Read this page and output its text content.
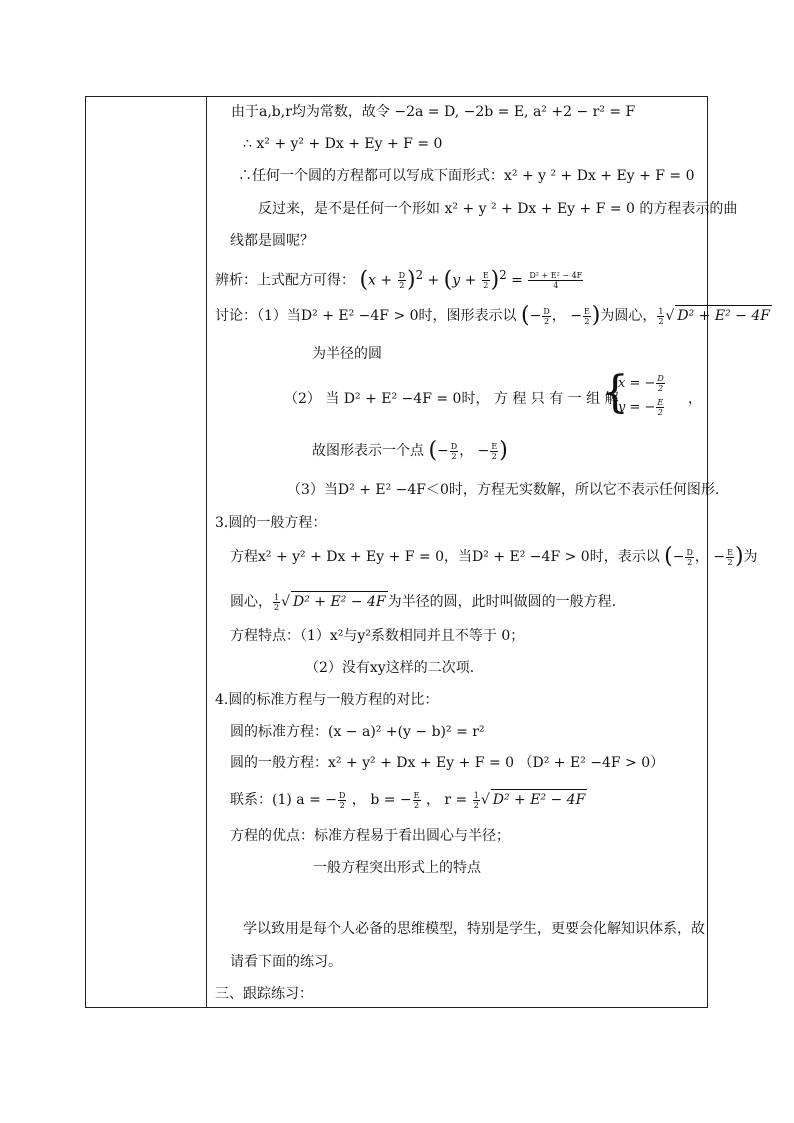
由于a,b,r均为常数，故令 −2a = D, −2b = E, a² +2 − r² = F
∴ x² + y² + Dx + Ey + F = 0
∴任何一个圆的方程都可以写成下面形式：x² + y ² + Dx + Ey + F = 0
反过来，是不是任何一个形如 x² + y ² + Dx + Ey + F = 0 的方程表示的曲
线都是圆呢？
辨析：上式配方可得： $(x + \frac{D}{2} )^2 + (y + \frac{E}{2} )^2 = \frac{\text{D² + E² − 4F}}{4}$
讨论：（1）当D² + E² −4F > 0时，图形表示以 (− $\frac{D}{2}$ ， − $\frac{E}{2}$ )为圆心， $\frac{1}{2}$ √ D² + E² − 4F
为半径的圆
（2） 当 D² + E² −4F = 0时， 方 程 只 有 一 组 解
{
x = − $\frac{D}{2}$
y = − $\frac{E}{2}$ ，
故图形表示一个点 (− $\frac{D}{2}$ ， − $\frac{E}{2}$ )
（3）当D² + E² −4F＜0时，方程无实数解，所以它不表示任何图形.
3.圆的一般方程：
方程x² + y² + Dx + Ey + F = 0，当D² + E² −4F > 0时，表示以 (− $\frac{D}{2}$ ， − $\frac{E}{2}$ )为
圆心， $\frac{1}{2}$ √ D² + E² − 4F 为半径的圆，此时叫做圆的一般方程.
方程特点：（1）x²与y²系数相同并且不等于 0；
（2）没有xy这样的二次项.
4.圆的标准方程与一般方程的对比：
圆的标准方程：(x − a)² +(y − b)² = r²
圆的一般方程：x² + y² + Dx + Ey + F = 0 （D² + E² −4F > 0）
联系：(1) a = − $\frac{D}{2}$ ， b = − $\frac{E}{2}$ ， $r = \frac{1}{2}$ √ D² + E² − 4F
方程的优点：标准方程易于看出圆心与半径；
一般方程突出形式上的特点
学以致用是每个人必备的思维模型，特别是学生，更要会化解知识体系，故
请看下面的练习。
三、跟踪练习：
